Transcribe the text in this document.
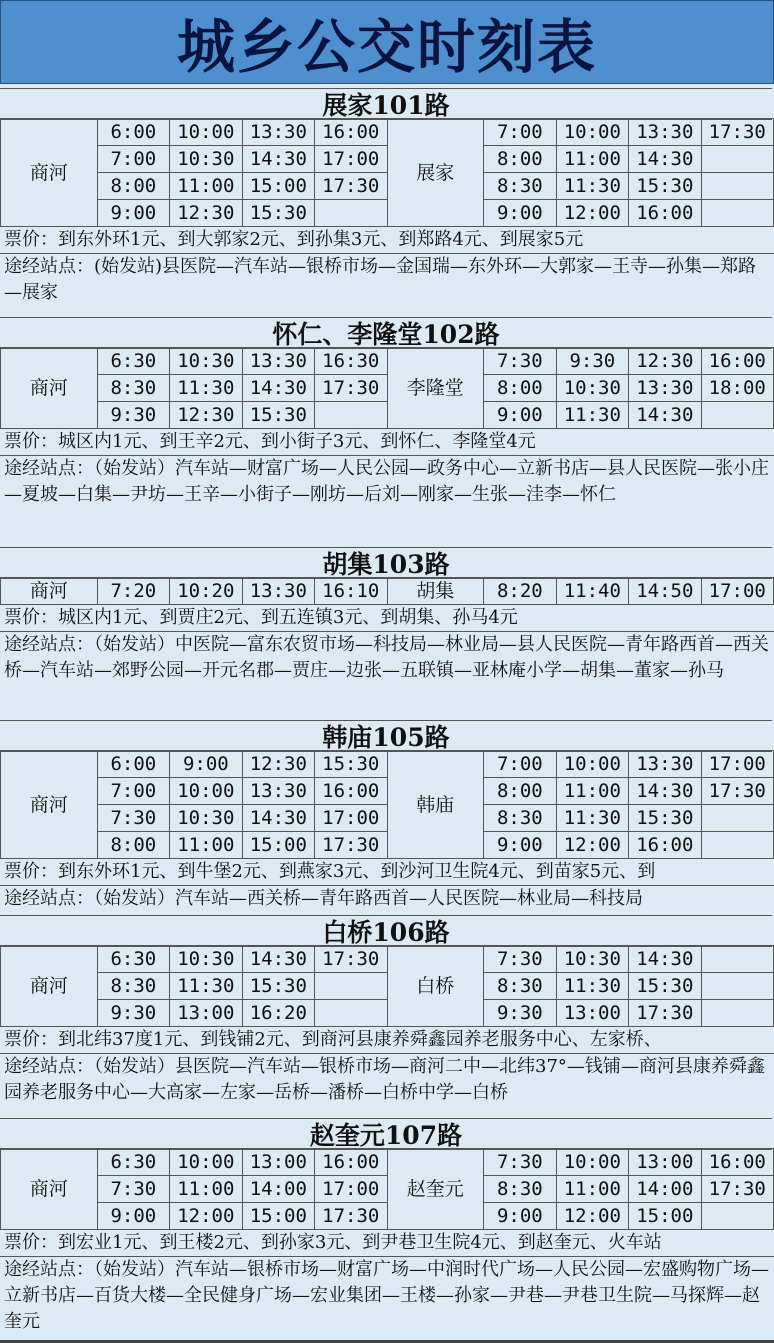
城乡公交时刻表
展家101路
商河	6:00	10:00	13:30	16:00	展家	7:00	10:00	13:30	17:30
	7:00	10:30	14:30	17:00		8:00	11:00	14:30	
	8:00	11:00	15:00	17:30		8:30	11:30	15:30	
	9:00	12:30	15:30			9:00	12:00	16:00	
票价：到东外环1元、到大郭家2元、到孙集3元、到郑路4元、到展家5元
途经站点：(始发站)县医院—汽车站—银桥市场—金国瑞—东外环—大郭家—王寺—孙集—郑路—展家
怀仁、李隆堂102路
商河	6:30	10:30	13:30	16:30	李隆堂	7:30	9:30	12:30	16:00
	8:30	11:30	14:30	17:30		8:00	10:30	13:30	18:00
	9:30	12:30	15:30			9:00	11:30	14:30	
票价：城区内1元、到王辛2元、到小街子3元、到怀仁、李隆堂4元
途经站点：（始发站）汽车站—财富广场—人民公园—政务中心—立新书店—县人民医院—张小庄—夏坡—白集—尹坊—王辛—小街子—刚坊—后刘—刚家—生张—洼李—怀仁
胡集103路
商河	7:20	10:20	13:30	16:10	胡集	8:20	11:40	14:50	17:00
票价：城区内1元、到贾庄2元、到五连镇3元、到胡集、孙马4元
途经站点：（始发站）中医院—富东农贸市场—科技局—林业局—县人民医院—青年路西首—西关桥—汽车站—郊野公园—开元名郡—贾庄—边张—五联镇—亚林庵小学—胡集—董家—孙马
韩庙105路
商河	6:00	9:00	12:30	15:30	韩庙	7:00	10:00	13:30	17:00
	7:00	10:00	13:30	16:00		8:00	11:00	14:30	17:30
	7:30	10:30	14:30	17:00		8:30	11:30	15:30	
	8:00	11:00	15:00	17:30		9:00	12:00	16:00	
票价：到东外环1元、到牛堡2元、到燕家3元、到沙河卫生院4元、到苗家5元、到
途经站点：（始发站）汽车站—西关桥—青年路西首—人民医院—林业局—科技局
白桥106路
商河	6:30	10:30	14:30	17:30	白桥	7:30	10:30	14:30	
	8:30	11:30	15:30			8:30	11:30	15:30	
	9:30	13:00	16:20			9:30	13:00	17:30	
票价：到北纬37度1元、到钱铺2元、到商河县康养舜鑫园养老服务中心、左家桥、
途经站点：（始发站）县医院—汽车站—银桥市场—商河二中—北纬37°—钱铺—商河县康养舜鑫园养老服务中心—大高家—左家—岳桥—潘桥—白桥中学—白桥
赵奎元107路
商河	6:30	10:00	13:00	16:00	赵奎元	7:30	10:00	13:00	16:00
	7:30	11:00	14:00	17:00		8:30	11:00	14:00	17:30
	9:00	12:00	15:00	17:30		9:00	12:00	15:00	
票价：到宏业1元、到王楼2元、到孙家3元、到尹巷卫生院4元、到赵奎元、火车站
途经站点：（始发站）汽车站—银桥市场—财富广场—中润时代广场—人民公园—宏盛购物广场—立新书店—百货大楼—全民健身广场—宏业集团—王楼—孙家—尹巷—尹巷卫生院—马探辉—赵奎元
